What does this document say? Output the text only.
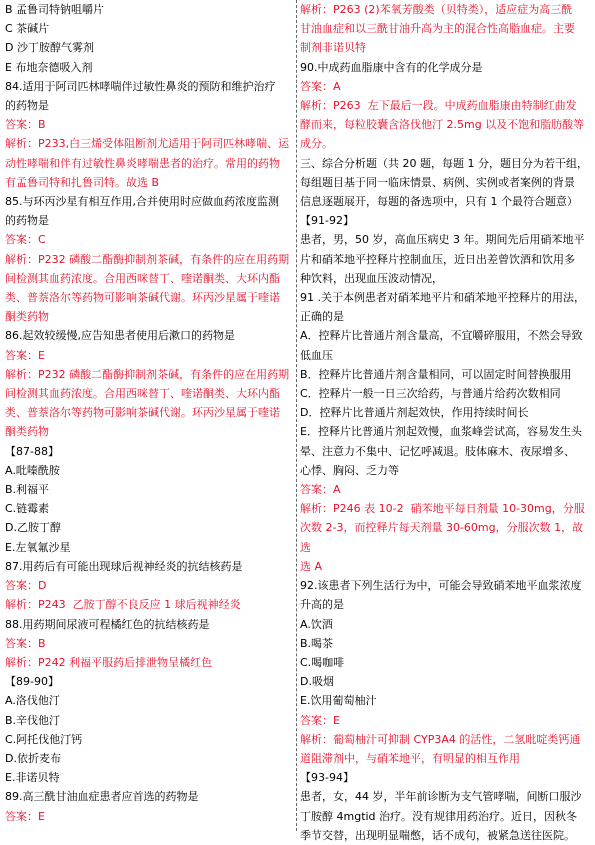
B 孟鲁司特钠咀嚼片
C 茶碱片
D 沙丁胺醇气雾剂
E 布地奈德吸入剂
84.适用于阿司匹林哮喘伴过敏性鼻炎的预防和维护治疗
的药物是
答案：B
解析：P233,白三烯受体阻断剂尤适用于阿司匹林哮喘、运
动性哮喘和伴有过敏性鼻炎哮喘患者的治疗。常用的药物
有孟鲁司特和扎鲁司特。故选 B
85.与环丙沙星有相互作用,合并使用时应做血药浓度监测
的药物是
答案：C
解析：P232 磷酸二酯酶抑制剂茶碱，有条件的应在用药期
间检测其血药浓度。合用西咪替丁、喹诺酮类、大环内酯
类、普萘洛尔等药物可影响茶碱代谢。环丙沙星属于喹诺
酮类药物
86.起效较缓慢,应告知患者使用后漱口的药物是
答案：E
解析：P232 磷酸二酯酶抑制剂茶碱，有条件的应在用药期
间检测其血药浓度。合用西咪替丁、喹诺酮类、大环内酯
类、普萘洛尔等药物可影响茶碱代谢。环丙沙星属于喹诺
酮类药物
【87-88】
A.吡嗪酰胺
B.利福平
C.链霉素
D.乙胺丁醇
E.左氧氟沙星
87.用药后有可能出现球后视神经炎的抗结核药是
答案：D
解析：P243  乙胺丁醇不良反应 1 球后视神经炎
88.用药期间尿液可程橘红色的抗结核药是
答案：B
解析：P242 利福平服药后排泄物呈橘红色
【89-90】
A.洛伐他汀
B.辛伐他汀
C.阿托伐他汀钙
D.依折麦布
E.非诺贝特
89.高三酰甘油血症患者应首选的药物是
答案：E
解析：P263 (2)苯氧芳酸类（贝特类），适应症为高三酰
甘油血症和以三酰甘油升高为主的混合性高脂血症。主要
制剂非诺贝特
90.中成药血脂康中含有的化学成分是
答案：A
解析：P263  左下最后一段。中成药血脂康由特制红曲发
酵而来，每粒胶囊含洛伐他汀 2.5mg 以及不饱和脂肪酸等
成分。
三、综合分析题（共 20 题，每题 1 分，题目分为若干组，
每组题目基于同一临床情景、病例、实例或者案例的背景
信息逐题展开，每题的备选项中，只有 1 个最符合题意）
【91-92】
患者，男，50 岁，高血压病史 3 年。期间先后用硝苯地平
片和硝苯地平控释片控制血压，近日出差曾饮酒和饮用多
种饮料，出现血压波动情况，
91 .关于本例患者对硝苯地平片和硝苯地平控释片的用法，
正确的是
A．控释片比普通片剂含量高，不宜嚼碎服用，不然会导致
低血压
B．控释片比普通片剂含量相同，可以固定时间替换服用
C．控释片一般一日三次给药，与普通片给药次数相同
D．控释片比普通片剂起效快，作用持续时间长
E．控释片比普通片剂起效慢，血浆峰尝试高，容易发生头
晕、注意力不集中、记忆呼减退。肢体麻木、夜尿增多、
心悸、胸闷、乏力等
答案：A
解析：P246 表 10-2  硝苯地平每日剂量 10-30mg，分服
次数 2-3，而控释片每天剂量 30-60mg，分服次数 1，故选
选 A
92.该患者下列生活行为中，可能会导致硝苯地平血浆浓度
升高的是
A.饮酒
B.喝茶
C.喝咖啡
D.吸烟
E.饮用葡萄柚汁
答案：E
解析：葡萄柚汁可抑制 CYP3A4 的活性，二氢吡啶类钙通
道阻滞剂中，与硝苯地平，有明显的相互作用
【93-94】
患者，女，44 岁，半年前诊断为支气管哮喘，间断口服沙
丁胺醇 4mgtid 治疗。没有规律用药治疗。近日，因秋冬
季节交替，出现明显喘憋，话不成句，被紧急送往医院。
